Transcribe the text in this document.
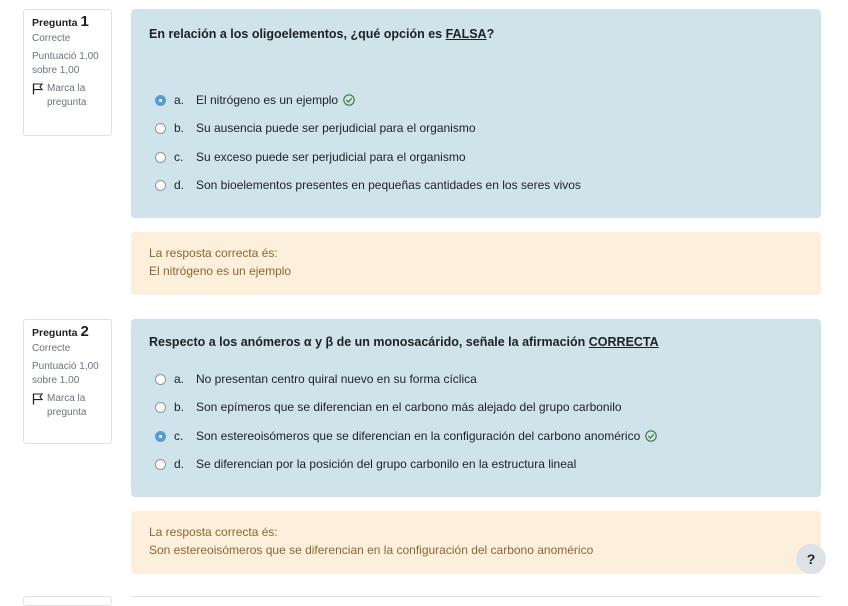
Pregunta 1
Correcte
Puntuació 1,00 sobre 1,00
Marca la pregunta
En relación a los oligoelementos, ¿qué opción es FALSA?
a. El nitrógeno es un ejemplo
b. Su ausencia puede ser perjudicial para el organismo
c.	Su exceso puede ser perjudicial para el organismo
d. Son bioelementos presentes en pequeñas cantidades en los seres vivos
La resposta correcta és:
El nitrógeno es un ejemplo
Pregunta 2
Correcte
Puntuació 1,00 sobre 1,00
Marca la pregunta
Respecto a los anómeros α y β de un monosacárido, señale la afirmación CORRECTA
a. No presentan centro quiral nuevo en su forma cíclica
b. Son epímeros que se diferencian en el carbono más alejado del grupo carbonilo
c.	Son estereoisómeros que se diferencian en la configuración del carbono anomérico
d. Se diferencian por la posición del grupo carbonilo en la estructura lineal
La resposta correcta és:
Son estereoisómeros que se diferencian en la configuración del carbono anomérico
?
